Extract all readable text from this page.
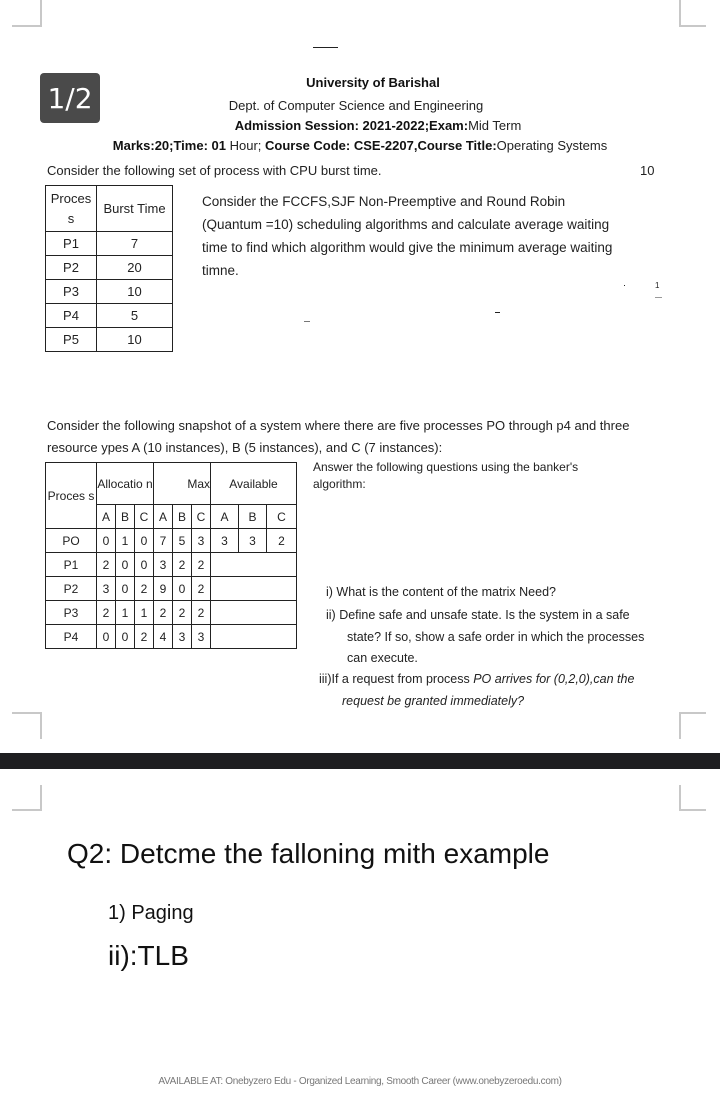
1/2	University of Barishal
Dept. of Computer Science and Engineering
Admission Session: 2021-2022;Exam:Mid Term
Marks:20;Time: 01 Hour; Course Code: CSE-2207,Course Title:Operating Systems
Consider the following set of process with CPU burst time.	10
Proces s	Burst Time
P1	7
P2	20
P3	10
P4	5
P5	10
Consider the FCCFS,SJF Non-Preemptive and Round Robin (Quantum =10) scheduling algorithms and calculate average waiting time to find which algorithm would give the minimum average waiting timne.
1
Consider the following snapshot of a system where there are five processes PO through p4 and three resource ypes A (10 instances), B (5 instances), and C (7 instances):
Proces s	Allocatio n			Max			Available		
	A	B	C	A	B	C	A	B	C
PO	0	1	0	7	5	3	3	3	2
P1	2	0	0	3	2	2			
P2	3	0	2	9	0	2			
P3	2	1	1	2	2	2			
P4	0	0	2	4	3	3			
Answer the following questions using the banker's algorithm:
i) What is the content of the matrix Need?
ii) Define safe and unsafe state. Is the system in a safe state? If so, show a safe order in which the processes can execute.
iii)If a request from process PO arrives for (0,2,0),can the request be granted immediately?
Q2: Detcme the falloning mith example
1) Paging
ii):TLB
AVAILABLE AT: Onebyzero Edu - Organized Learning, Smooth Career (www.onebyzeroedu.com)
